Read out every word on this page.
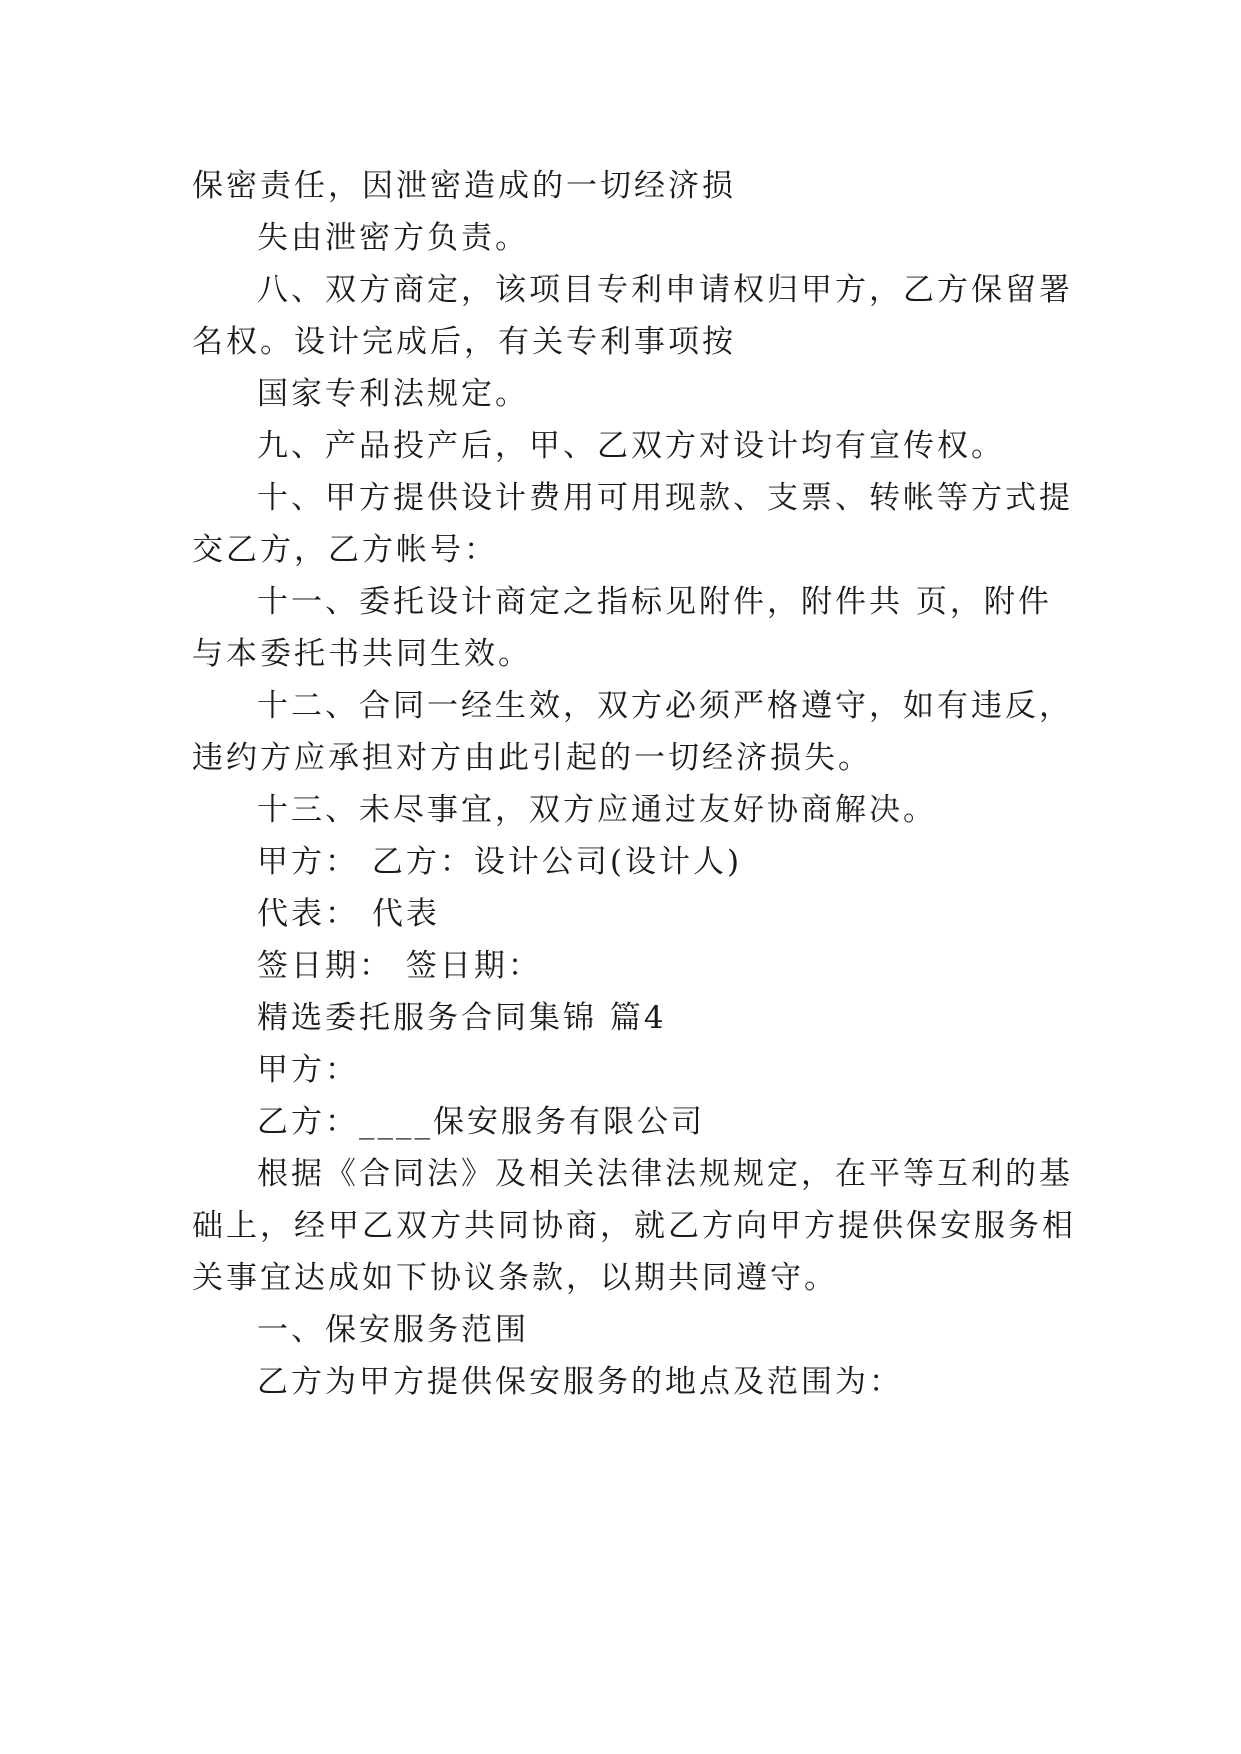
保密责任，因泄密造成的一切经济损
失由泄密方负责。
八、双方商定，该项目专利申请权归甲方，乙方保留署
名权。设计完成后，有关专利事项按
国家专利法规定。
九、产品投产后，甲、乙双方对设计均有宣传权。
十、甲方提供设计费用可用现款、支票、转帐等方式提
交乙方，乙方帐号：
十一、委托设计商定之指标见附件，附件共 页，附件
与本委托书共同生效。
十二、合同一经生效，双方必须严格遵守，如有违反，
违约方应承担对方由此引起的一切经济损失。
十三、未尽事宜，双方应通过友好协商解决。
甲方： 乙方：设计公司(设计人)
代表： 代表
签日期： 签日期：
精选委托服务合同集锦 篇4
甲方：
乙方：____保安服务有限公司
根据《合同法》及相关法律法规规定，在平等互利的基
础上，经甲乙双方共同协商，就乙方向甲方提供保安服务相
关事宜达成如下协议条款，以期共同遵守。
一、保安服务范围
乙方为甲方提供保安服务的地点及范围为：
